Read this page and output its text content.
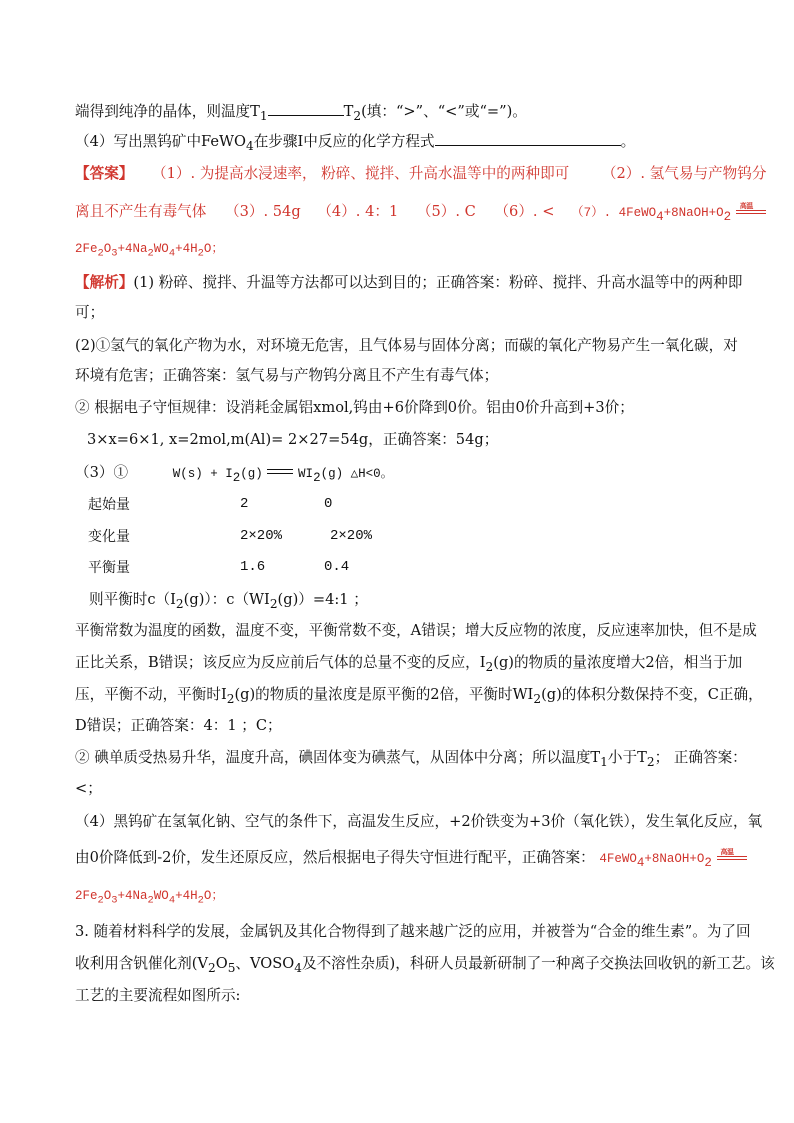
端得到纯净的晶体，则温度$T_1$	$T_2$(填：“>”、“<”或“=”)。
（4）写出黑钨矿中FeWO$_4$在步骤Ⅰ中反应的化学方程式	。
【答案】 （1）. 为提高水浸速率， 粉碎、搅拌、升高水温等中的两种即可 （2）. 氢气易与产物钨分
离且不产生有毒气体 （3）. 54g （4）. 4：1 （5）. C （6）. < （7）. $4FeWO_4+8NaOH+O_2$
高温
$2Fe_2O_3+4Na_2WO_4+4H_2O$；
【解析】(1) 粉碎、搅拌、升温等方法都可以达到目的；正确答案：粉碎、搅拌、升高水温等中的两种即
可；
(2)①氢气的氧化产物为水，对环境无危害，且气体易与固体分离；而碳的氧化产物易产生一氧化碳，对
环境有危害；正确答案：氢气易与产物钨分离且不产生有毒气体；
② 根据电子守恒规律：设消耗金属铝xmol,钨由+6价降到0价。铝由0价升高到+3价；
3×x=6×1, x=2mol,m(Al)= 2×27=54g，正确答案：54g；
（3）①	$W(s) + I_2(g)$	$WI_2(g)$ △H<0。
起始量	2	0
变化量	2×20%	2×20%
平衡量	1.6	0.4
则平衡时$c(I_2(g))$：$c(WI_2(g))=4:1$ ；
平衡常数为温度的函数，温度不变，平衡常数不变，A错误；增大反应物的浓度，反应速率加快，但不是成
正比关系，B错误；该反应为反应前后气体的总量不变的反应，$I_2(g)$的物质的量浓度增大2倍，相当于加
压，平衡不动，平衡时$I_2(g)$的物质的量浓度是原平衡的2倍，平衡时$WI_2(g)$的体积分数保持不变，C正确，
D错误；正确答案：4：1 ；C；
② 碘单质受热易升华，温度升高，碘固体变为碘蒸气，从固体中分离；所以温度$T_1$小于$T_2$； 正确答案：
<；
（4）黑钨矿在氢氧化钠、空气的条件下，高温发生反应，+2价铁变为+3价（氧化铁），发生氧化反应，氧
由0价降低到-2价，发生还原反应，然后根据电子得失守恒进行配平，正确答案： $4FeWO_4+8NaOH+O_2$
高温
$2Fe_2O_3+4Na_2WO_4+4H_2O$；
3. 随着材料科学的发展，金属钒及其化合物得到了越来越广泛的应用，并被誉为“合金的维生素”。为了回
收利用含钒催化剂($V_2O_5$、$VOSO_4$及不溶性杂质)，科研人员最新研制了一种离子交换法回收钒的新工艺。该
工艺的主要流程如图所示:
